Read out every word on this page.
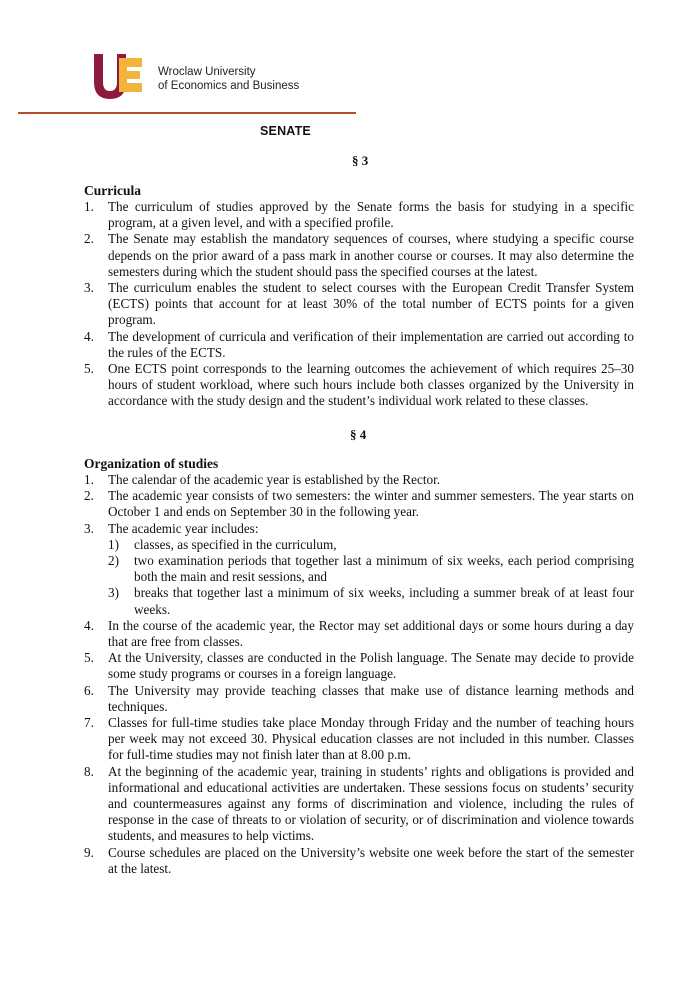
Wroclaw University
of Economics and Business
SENATE
§ 3
Curricula
1. The curriculum of studies approved by the Senate forms the basis for studying in a specific program, at a given level, and with a specified profile.
2. The Senate may establish the mandatory sequences of courses, where studying a specific course depends on the prior award of a pass mark in another course or courses. It may also determine the semesters during which the student should pass the specified courses at the latest.
3. The curriculum enables the student to select courses with the European Credit Transfer System (ECTS) points that account for at least 30% of the total number of ECTS points for a given program.
4. The development of curricula and verification of their implementation are carried out according to the rules of the ECTS.
5. One ECTS point corresponds to the learning outcomes the achievement of which requires 25–30 hours of student workload, where such hours include both classes organized by the University in accordance with the study design and the student’s individual work related to these classes.
§ 4
Organization of studies
1. The calendar of the academic year is established by the Rector.
2. The academic year consists of two semesters: the winter and summer semesters. The year starts on October 1 and ends on September 30 in the following year.
3. The academic year includes:
1) classes, as specified in the curriculum,
2) two examination periods that together last a minimum of six weeks, each period comprising both the main and resit sessions, and
3) breaks that together last a minimum of six weeks, including a summer break of at least four weeks.
4. In the course of the academic year, the Rector may set additional days or some hours during a day that are free from classes.
5. At the University, classes are conducted in the Polish language. The Senate may decide to provide some study programs or courses in a foreign language.
6. The University may provide teaching classes that make use of distance learning methods and techniques.
7. Classes for full-time studies take place Monday through Friday and the number of teaching hours per week may not exceed 30. Physical education classes are not included in this number. Classes for full-time studies may not finish later than at 8.00 p.m.
8. At the beginning of the academic year, training in students’ rights and obligations is provided and informational and educational activities are undertaken. These sessions focus on students’ security and countermeasures against any forms of discrimination and violence, including the rules of response in the case of threats to or violation of security, or of discrimination and violence towards students, and measures to help victims.
9. Course schedules are placed on the University’s website one week before the start of the semester at the latest.
